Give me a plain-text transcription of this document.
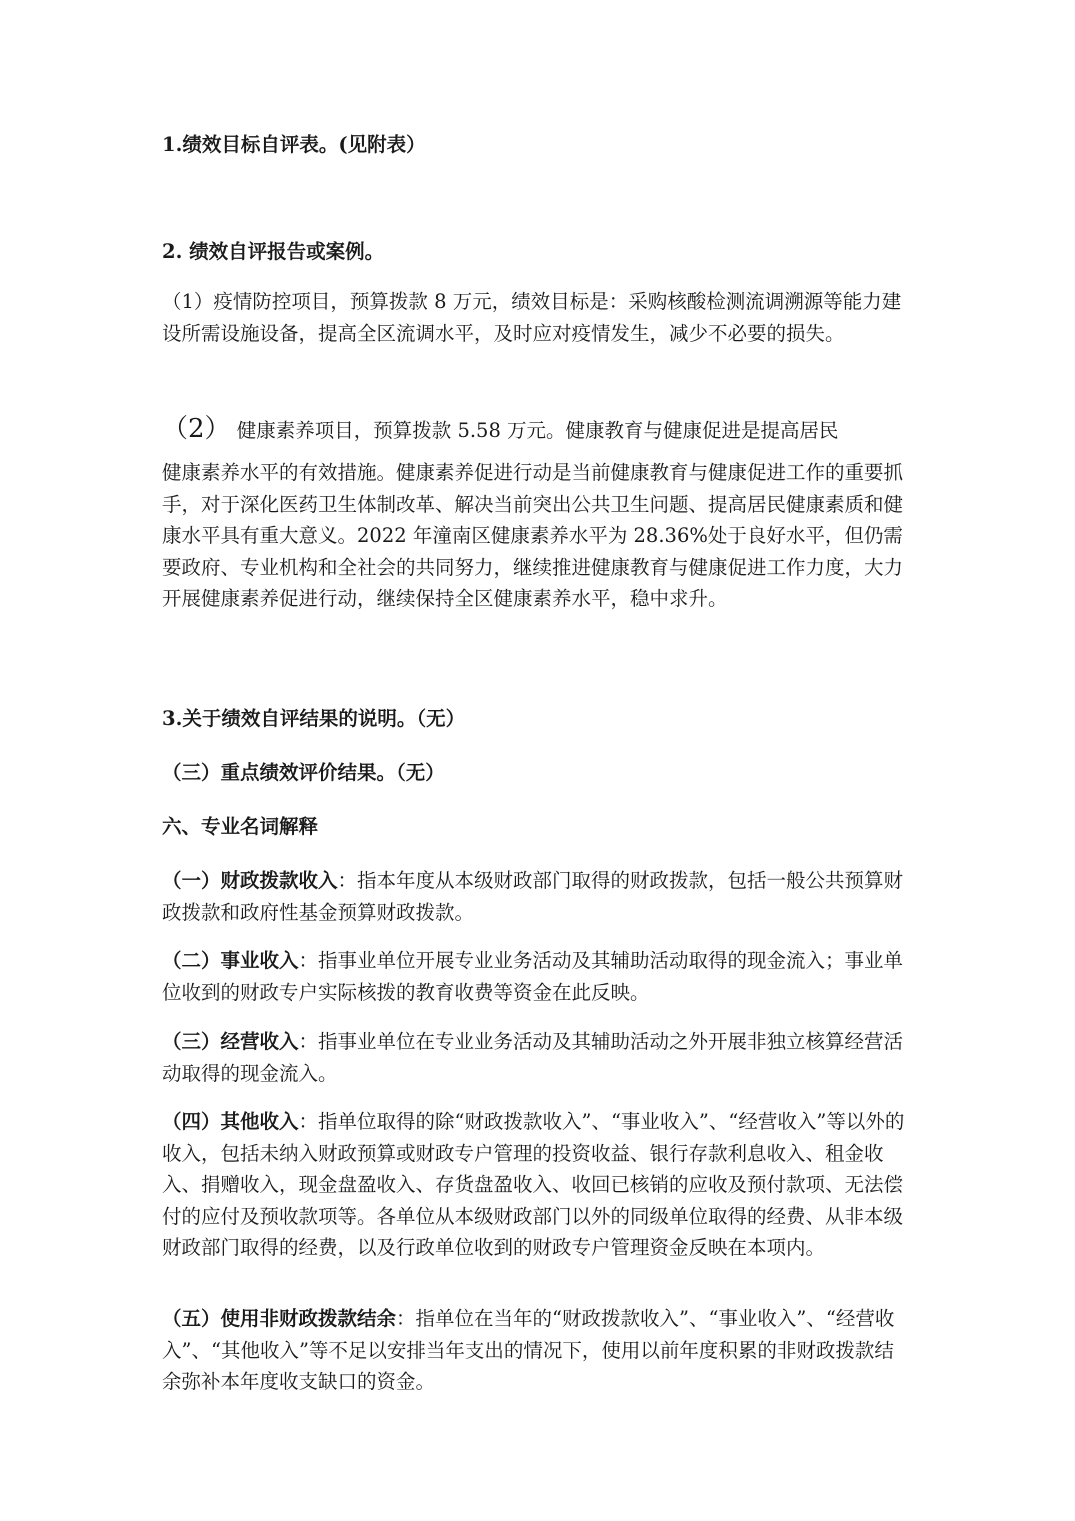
1.绩效目标自评表。(见附表）

2. 绩效自评报告或案例。

（1）疫情防控项目，预算拨款 8 万元，绩效目标是：采购核酸检测流调溯源等能力建设所需设施设备，提高全区流调水平，及时应对疫情发生，减少不必要的损失。

（2） 健康素养项目，预算拨款 5.58 万元。健康教育与健康促进是提高居民

健康素养水平的有效措施。健康素养促进行动是当前健康教育与健康促进工作的重要抓手，对于深化医药卫生体制改革、解决当前突出公共卫生问题、提高居民健康素质和健康水平具有重大意义。2022 年潼南区健康素养水平为 28.36%处于良好水平，但仍需要政府、专业机构和全社会的共同努力，继续推进健康教育与健康促进工作力度，大力开展健康素养促进行动，继续保持全区健康素养水平，稳中求升。

3.关于绩效自评结果的说明。（无）

（三）重点绩效评价结果。（无）

六、专业名词解释

（一）财政拨款收入：指本年度从本级财政部门取得的财政拨款，包括一般公共预算财政拨款和政府性基金预算财政拨款。

（二）事业收入：指事业单位开展专业业务活动及其辅助活动取得的现金流入；事业单位收到的财政专户实际核拨的教育收费等资金在此反映。

（三）经营收入：指事业单位在专业业务活动及其辅助活动之外开展非独立核算经营活动取得的现金流入。

（四）其他收入：指单位取得的除“财政拨款收入”、“事业收入”、“经营收入”等以外的收入，包括未纳入财政预算或财政专户管理的投资收益、银行存款利息收入、租金收入、捐赠收入，现金盘盈收入、存货盘盈收入、收回已核销的应收及预付款项、无法偿付的应付及预收款项等。各单位从本级财政部门以外的同级单位取得的经费、从非本级财政部门取得的经费，以及行政单位收到的财政专户管理资金反映在本项内。

（五）使用非财政拨款结余：指单位在当年的“财政拨款收入”、“事业收入”、“经营收入”、“其他收入”等不足以安排当年支出的情况下，使用以前年度积累的非财政拨款结余弥补本年度收支缺口的资金。
